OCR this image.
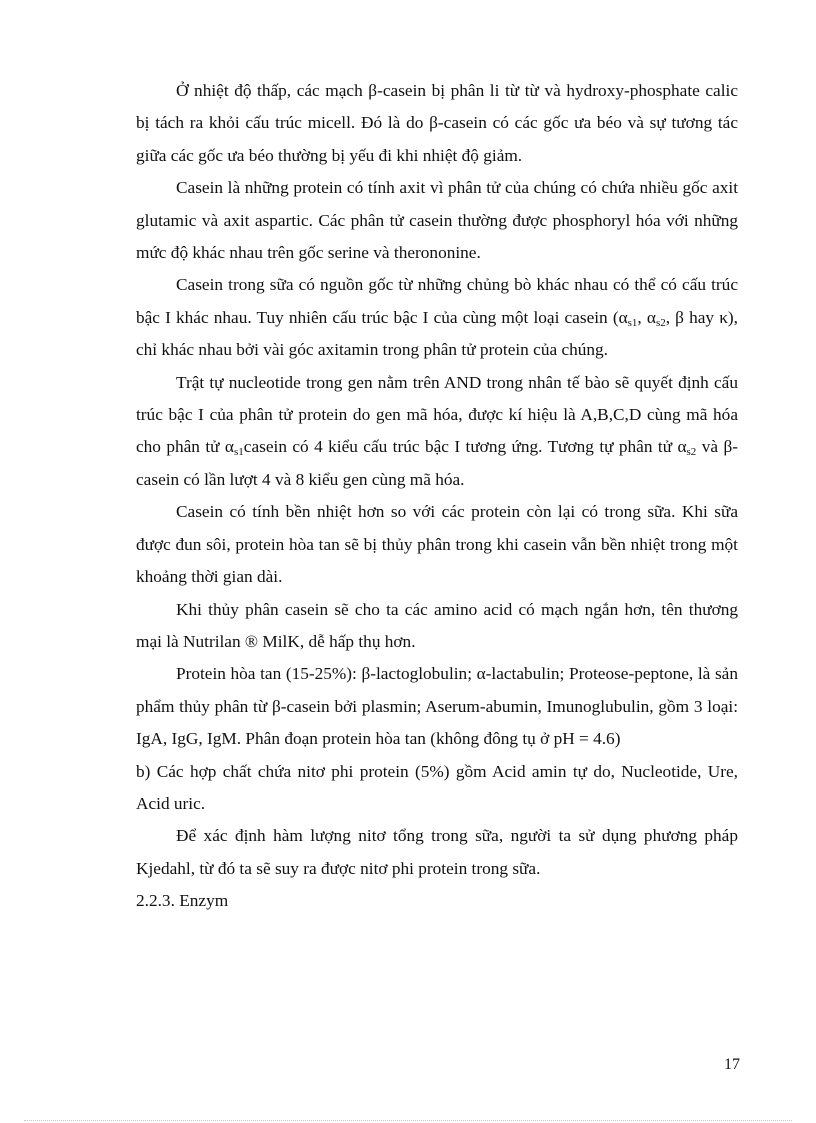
Ở nhiệt độ thấp, các mạch β-casein bị phân li từ từ và hydroxy-phosphate calic bị tách ra khỏi cấu trúc micell. Đó là do β-casein có các gốc ưa béo và sự tương tác giữa các gốc ưa béo thường bị yếu đi khi nhiệt độ giảm.

Casein là những protein có tính axit vì phân tử của chúng có chứa nhiều gốc axit glutamic và axit aspartic. Các phân tử casein thường được phosphoryl hóa với những mức độ khác nhau trên gốc serine và therononine.

Casein trong sữa có nguồn gốc từ những chủng bò khác nhau có thể có cấu trúc bậc I khác nhau. Tuy nhiên cấu trúc bậc I của cùng một loại casein ($\alpha_{s1}$, $\alpha_{s2}$, β hay κ), chỉ khác nhau bởi vài góc axitamin trong phân tử protein của chúng.

Trật tự nucleotide trong gen nằm trên AND trong nhân tế bào sẽ quyết định cấu trúc bậc I của phân tử protein do gen mã hóa, được kí hiệu là A,B,C,D cùng mã hóa cho phân tử $\alpha_{s1}casein$ có 4 kiểu cấu trúc bậc I tương ứng. Tương tự phân tử $\alpha_{s2}$ và β-casein có lần lượt 4 và 8 kiểu gen cùng mã hóa.

Casein có tính bền nhiệt hơn so với các protein còn lại có trong sữa. Khi sữa được đun sôi, protein hòa tan sẽ bị thủy phân trong khi casein vẫn bền nhiệt trong một khoảng thời gian dài.

Khi thủy phân casein sẽ cho ta các amino acid có mạch ngắn hơn, tên thương mại là Nutrilan ® MilK, dễ hấp thụ hơn.

Protein hòa tan (15-25%): β-lactoglobulin; α-lactabulin; Proteose-peptone, là sản phẩm thủy phân từ β-casein bởi plasmin; Aserum-abumin, Imunoglubulin, gồm 3 loại: IgA, IgG, IgM. Phân đoạn protein hòa tan (không đông tụ ở pH = 4.6)

b) Các hợp chất chứa nitơ phi protein (5%) gồm Acid amin tự do, Nucleotide, Ure, Acid uric.

Để xác định hàm lượng nitơ tổng trong sữa, người ta sử dụng phương pháp Kjedahl, từ đó ta sẽ suy ra được nitơ phi protein trong sữa.

2.2.3. Enzym

17
